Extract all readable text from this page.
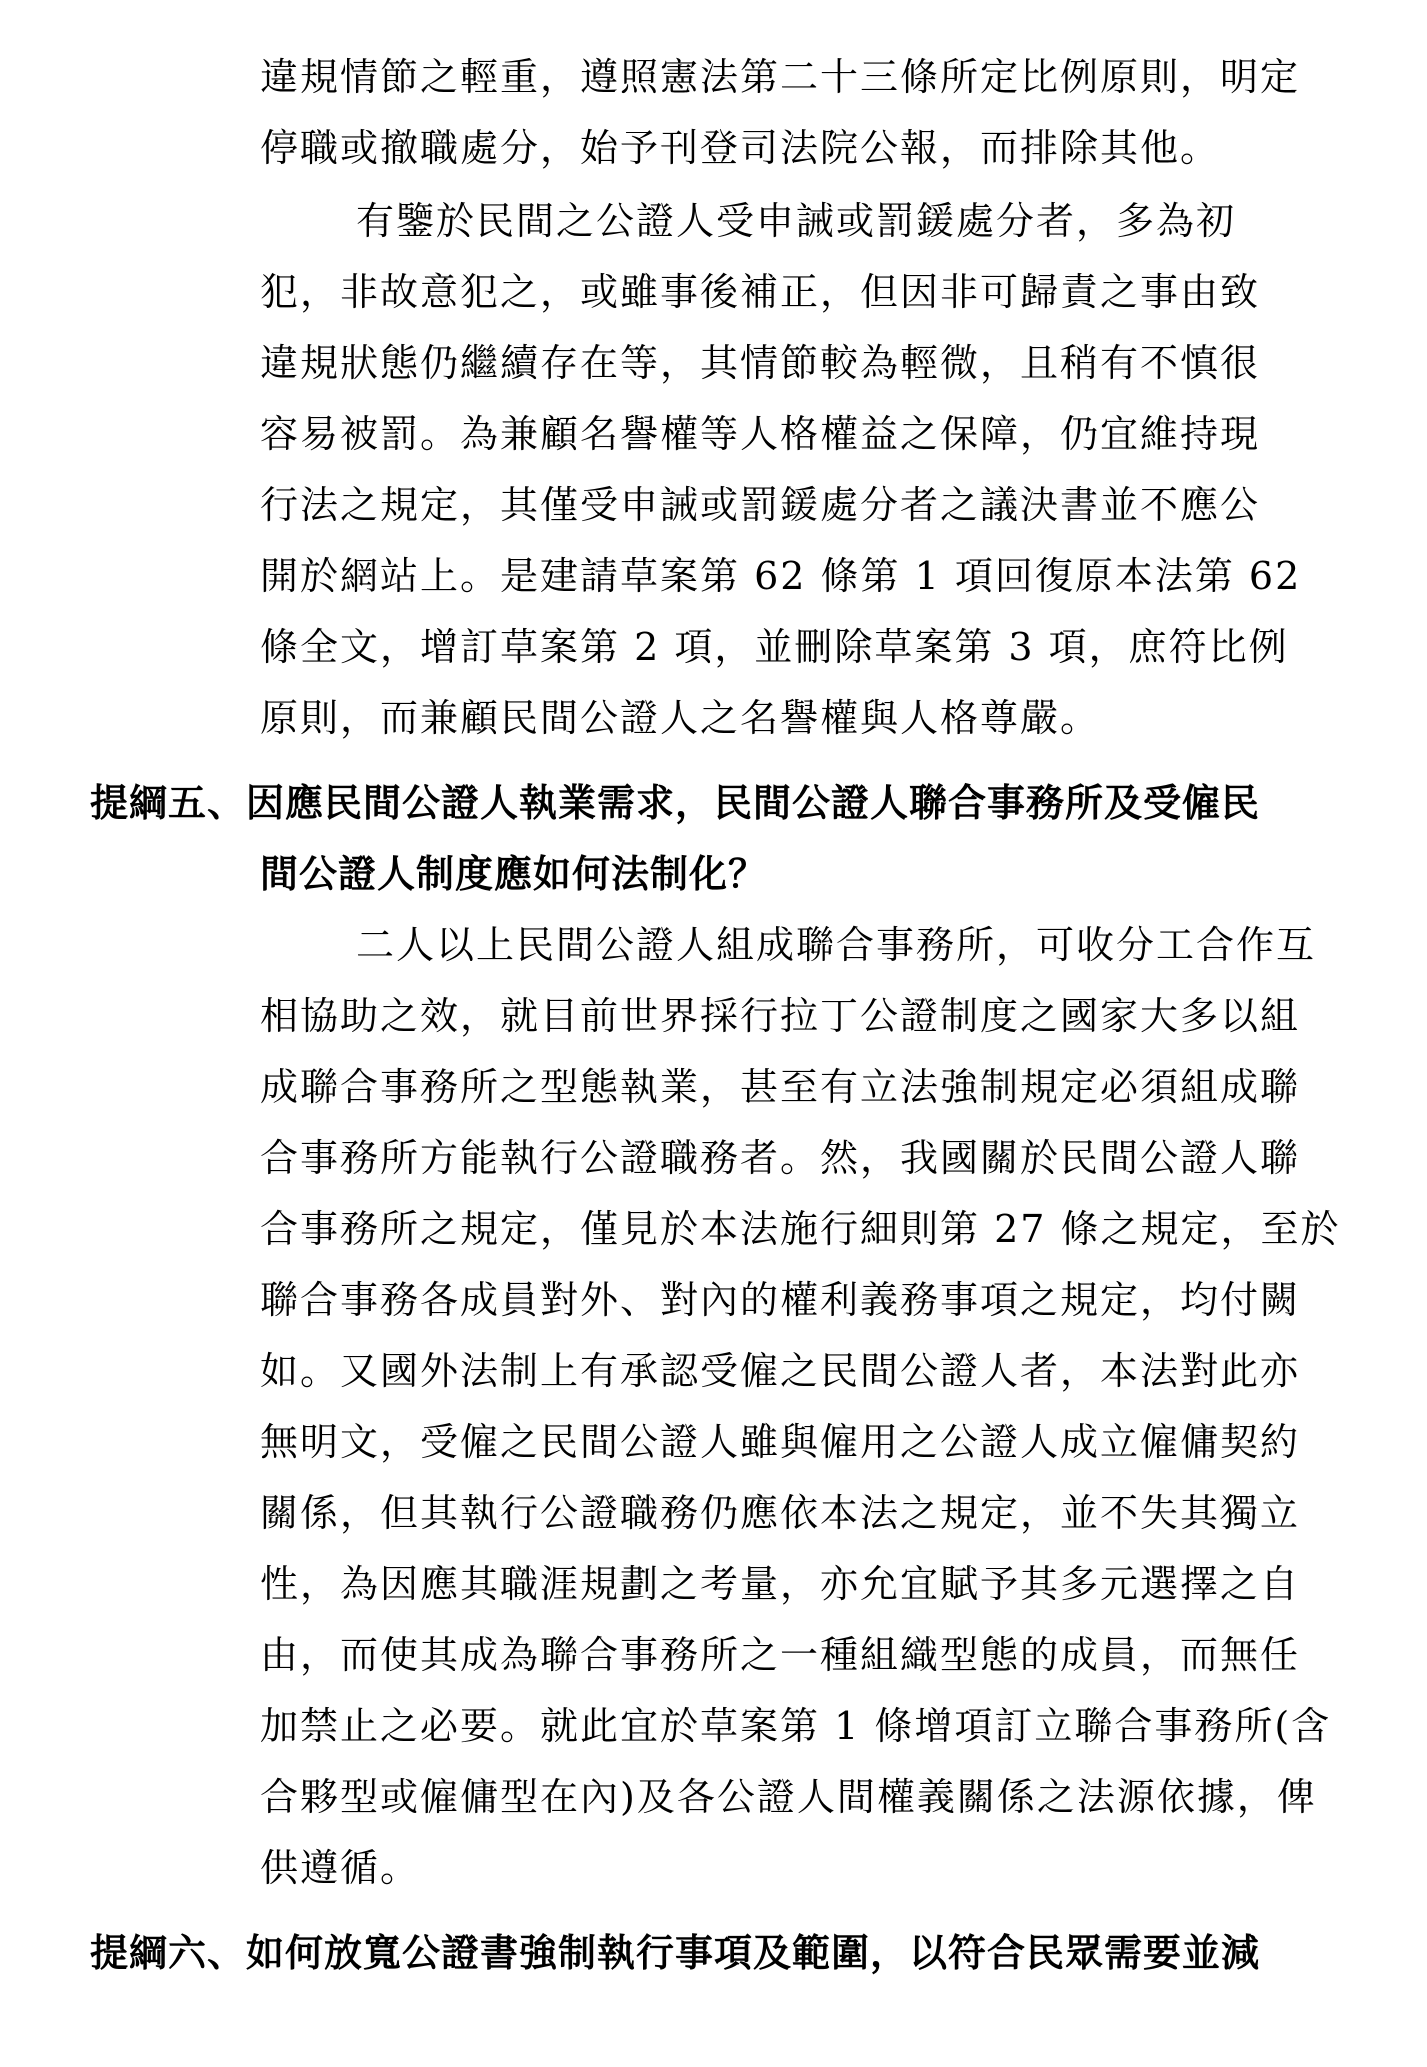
違規情節之輕重，遵照憲法第二十三條所定比例原則，明定
停職或撤職處分，始予刊登司法院公報，而排除其他。
有鑒於民間之公證人受申誡或罰鍰處分者，多為初
犯，非故意犯之，或雖事後補正，但因非可歸責之事由致
違規狀態仍繼續存在等，其情節較為輕微，且稍有不慎很
容易被罰。為兼顧名譽權等人格權益之保障，仍宜維持現
行法之規定，其僅受申誡或罰鍰處分者之議決書並不應公
開於網站上。是建請草案第 62 條第 1 項回復原本法第 62
條全文，增訂草案第 2 項，並刪除草案第 3 項，庶符比例
原則，而兼顧民間公證人之名譽權與人格尊嚴。
提綱五、因應民間公證人執業需求，民間公證人聯合事務所及受僱民
間公證人制度應如何法制化？
二人以上民間公證人組成聯合事務所，可收分工合作互
相協助之效，就目前世界採行拉丁公證制度之國家大多以組
成聯合事務所之型態執業，甚至有立法強制規定必須組成聯
合事務所方能執行公證職務者。然，我國關於民間公證人聯
合事務所之規定，僅見於本法施行細則第 27 條之規定，至於
聯合事務各成員對外、對內的權利義務事項之規定，均付闕
如。又國外法制上有承認受僱之民間公證人者，本法對此亦
無明文，受僱之民間公證人雖與僱用之公證人成立僱傭契約
關係，但其執行公證職務仍應依本法之規定，並不失其獨立
性，為因應其職涯規劃之考量，亦允宜賦予其多元選擇之自
由，而使其成為聯合事務所之一種組織型態的成員，而無任
加禁止之必要。就此宜於草案第 1 條增項訂立聯合事務所(含
合夥型或僱傭型在內)及各公證人間權義關係之法源依據，俾
供遵循。
提綱六、如何放寬公證書強制執行事項及範圍，以符合民眾需要並減
